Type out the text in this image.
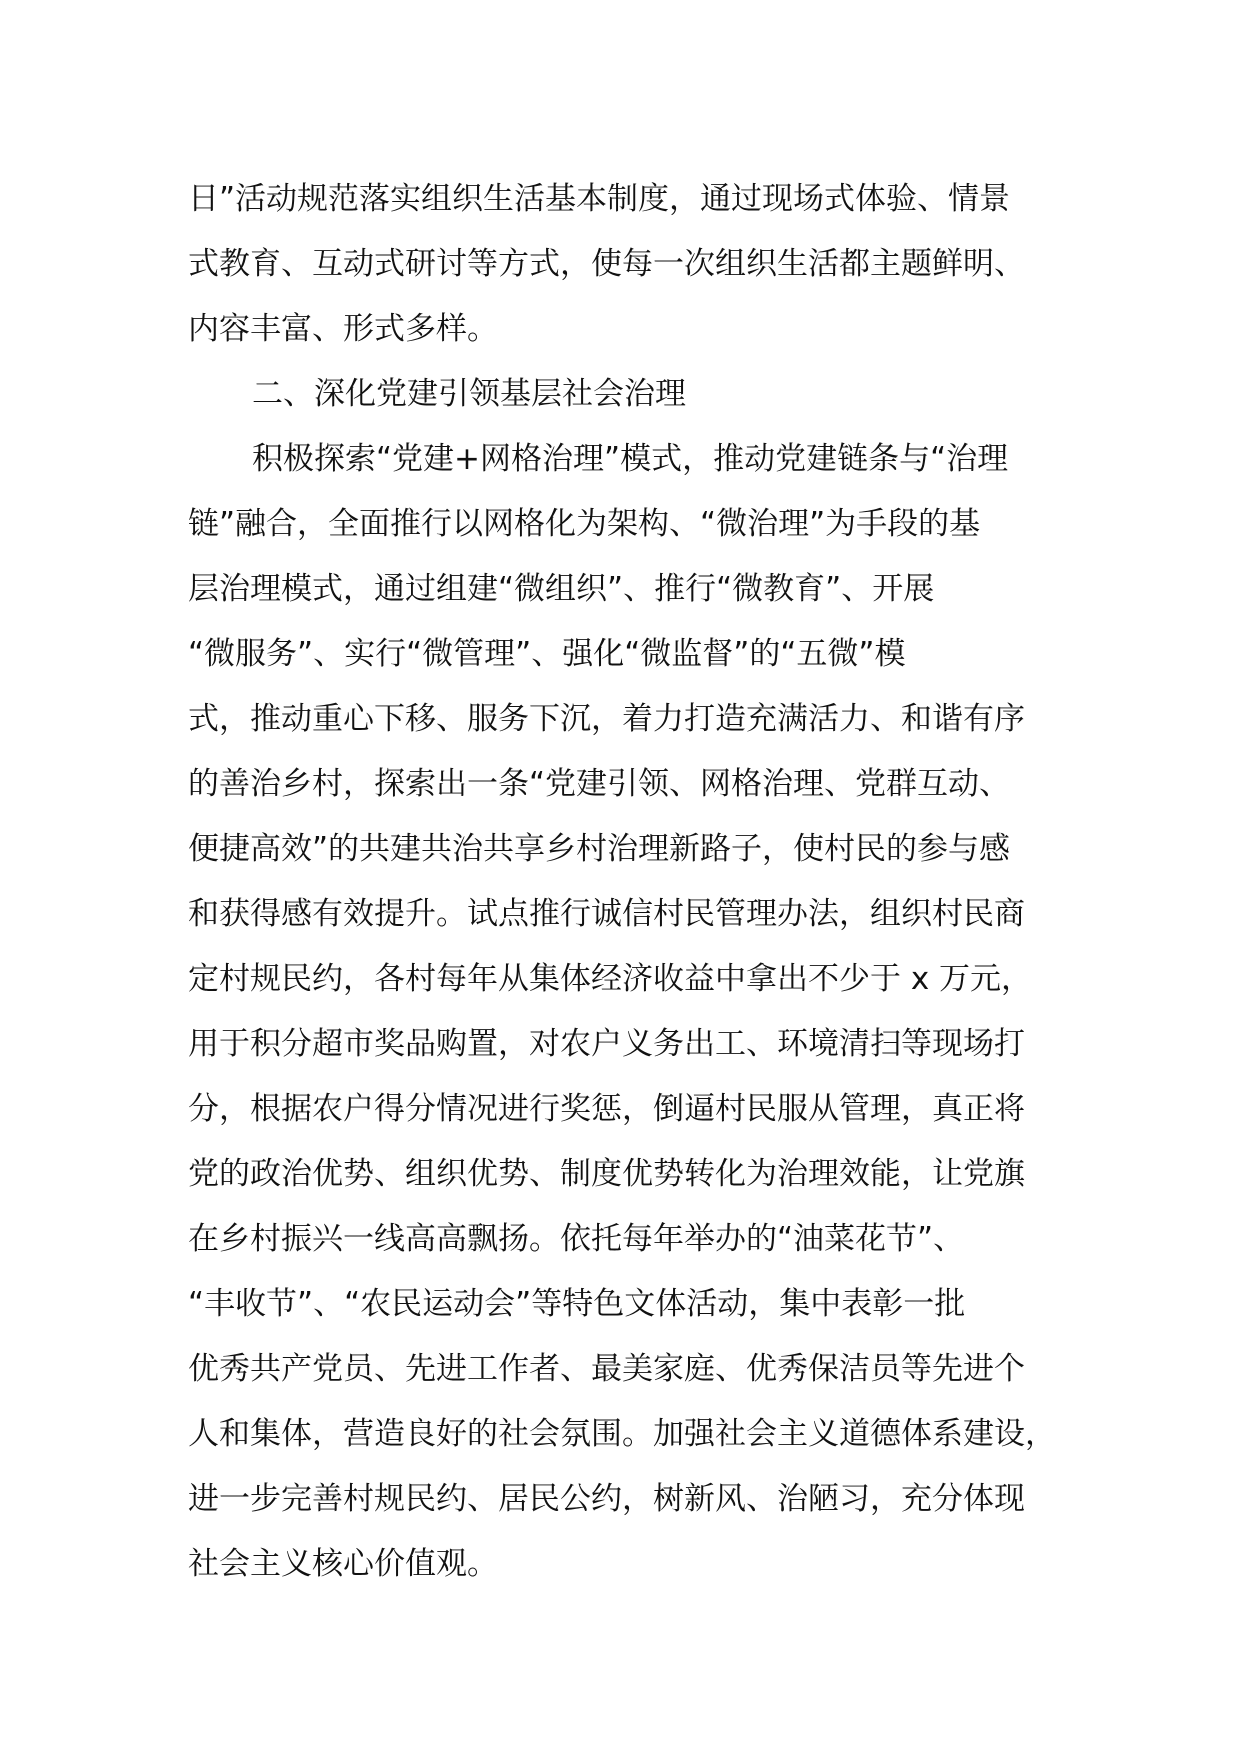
日”活动规范落实组织生活基本制度，通过现场式体验、情景
式教育、互动式研讨等方式，使每一次组织生活都主题鲜明、
内容丰富、形式多样。
二、深化党建引领基层社会治理
积极探索“党建+网格治理”模式，推动党建链条与“治理
链”融合，全面推行以网格化为架构、“微治理”为手段的基
层治理模式，通过组建“微组织”、推行“微教育”、开展
“微服务”、实行“微管理”、强化“微监督”的“五微”模
式，推动重心下移、服务下沉，着力打造充满活力、和谐有序
的善治乡村，探索出一条“党建引领、网格治理、党群互动、
便捷高效”的共建共治共享乡村治理新路子，使村民的参与感
和获得感有效提升。试点推行诚信村民管理办法，组织村民商
定村规民约，各村每年从集体经济收益中拿出不少于 x 万元，
用于积分超市奖品购置，对农户义务出工、环境清扫等现场打
分，根据农户得分情况进行奖惩，倒逼村民服从管理，真正将
党的政治优势、组织优势、制度优势转化为治理效能，让党旗
在乡村振兴一线高高飘扬。依托每年举办的“油菜花节”、
“丰收节”、“农民运动会”等特色文体活动，集中表彰一批
优秀共产党员、先进工作者、最美家庭、优秀保洁员等先进个
人和集体，营造良好的社会氛围。加强社会主义道德体系建设，
进一步完善村规民约、居民公约，树新风、治陋习，充分体现
社会主义核心价值观。
